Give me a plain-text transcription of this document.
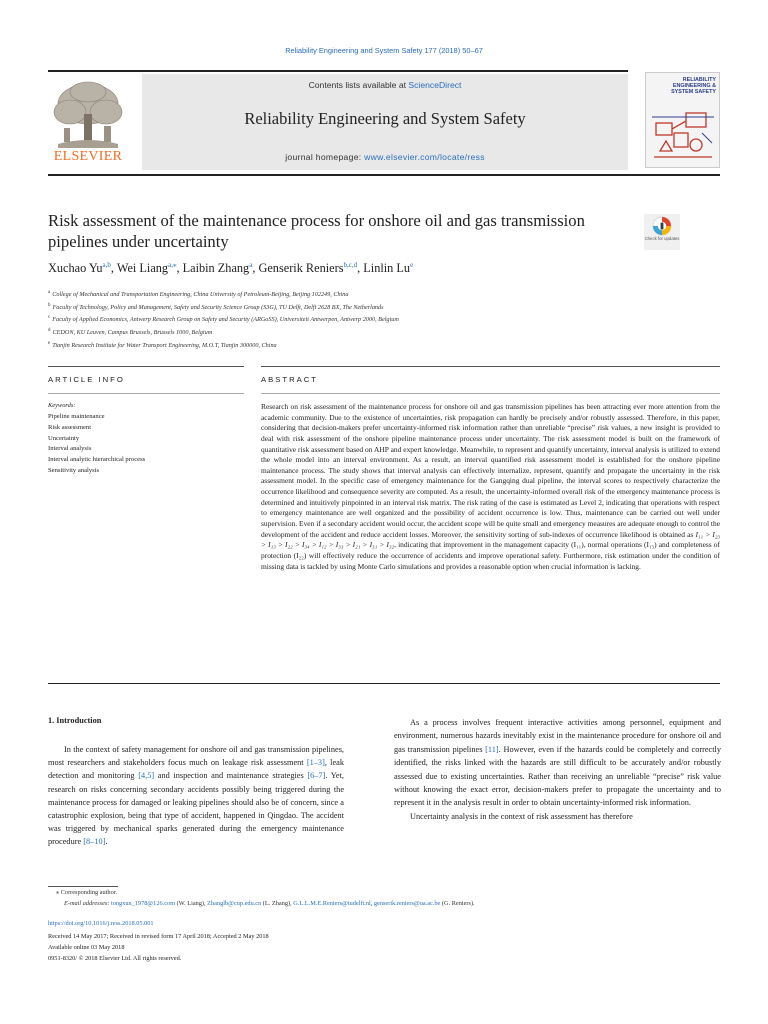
Reliability Engineering and System Safety 177 (2018) 50–67
ELSEVIER
Contents lists available at ScienceDirect
Reliability Engineering and System Safety
journal homepage: www.elsevier.com/locate/ress
RELIABILITY ENGINEERING & SYSTEM SAFETY
Risk assessment of the maintenance process for onshore oil and gas transmission pipelines under uncertainty	Check for updates
Xuchao Yu$^{a,b}$, Wei Liang$^{a,⁎}$, Laibin Zhang$^a$, Genserik Reniers$^{b,c,d}$, Linlin Lu$^e$
$^a$ College of Mechanical and Transportation Engineering, China University of Petroleum-Beijing, Beijing 102249, China
$^b$ Faculty of Technology, Policy and Management, Safety and Security Science Group (S3G), TU Delft, Delft 2628 BX, The Netherlands
$^c$ Faculty of Applied Economics, Antwerp Research Group on Safety and Security (ARGoSS), Universiteit Antwerpen, Antwerp 2000, Belgium
$^d$ CEDON, KU Leuven, Campus Brussels, Brussels 1000, Belgium
$^e$ Tianjin Research Institute for Water Transport Engineering, M.O.T, Tianjin 300000, China
ARTICLE INFO	ABSTRACT
Keywords:
Pipeline maintenance
Risk assessment
Uncertainty
Interval analysis
Interval analytic hierarchical process
Sensitivity analysis
Research on risk assessment of the maintenance process for onshore oil and gas transmission pipelines has been attracting ever more attention from the academic community. Due to the existence of uncertainties, risk propagation can hardly be precisely and/or robustly assessed. Therefore, in this paper, considering that decision-makers prefer uncertainty-informed risk information rather than unreliable “precise” risk values, a new insight is provided to deal with risk assessment of the onshore pipeline maintenance process under uncertainty. The risk assessment model is built on the framework of quantitative risk assessment based on AHP and expert knowledge. Meanwhile, to represent and quantify uncertainty, interval analysis is utilized to extend the whole model into an interval environment. As a result, an interval quantified risk assessment model is established for the onshore pipeline maintenance process. The study shows that interval analysis can effectively internalize, represent, quantify and propagate the uncertainty in the risk assessment model. In the specific case of emergency maintenance for the Gangqing dual pipeline, the interval scores to respectively characterize the occurrence likelihood and consequence severity are computed. As a result, the uncertainty-informed overall risk of the emergency maintenance process is determined and intuitively pinpointed in an interval risk matrix. The risk rating of the case is estimated as Level 2, indicating that operations with respect to emergency maintenance are well organized and the possibility of accident occurrence is low. Thus, maintenance can be carried out well under supervision. Even if a secondary accident would occur, the accident scope will be quite small and emergency measures are adequate enough to control the development of the accident and reduce accident losses. Moreover, the sensitivity sorting of sub-indexes of occurrence likelihood is obtained as I₁₁ > I₂₃ > I₁₃ > I₂₂ > I₃₄ > I₁₂ > I₃₃ > I₂₁ > I₃₁ > I₃₂, indicating that improvement in the management capacity (I₁₁), normal operations (I₁₃) and completeness of protection (I₂₂) will effectively reduce the occurrence of accidents and improve operational safety. Furthermore, risk estimation under the condition of missing data is tackled by using Monte Carlo simulations and provides a reasonable option when crucial information is lacking.
1. Introduction

In the context of safety management for onshore oil and gas transmission pipelines, most researchers and stakeholders focus much on leakage risk assessment [1–3], leak detection and monitoring [4,5] and inspection and maintenance strategies [6–7]. Yet, research on risks concerning secondary accidents possibly being triggered during the maintenance process for damaged or leaking pipelines should also be of concern, since a catastrophic explosion, being that type of accident, happened in Qingdao. The accident was triggered by mechanical sparks generated during the emergency maintenance procedure [8–10].

As a process involves frequent interactive activities among personnel, equipment and environment, numerous hazards inevitably exist in the maintenance procedure for onshore oil and gas transmission pipelines [11]. However, even if the hazards could be completely and correctly identified, the risks linked with the hazards are still difficult to be accurately and/or robustly assessed due to existing uncertainties. Rather than receiving an unreliable “precise” risk value without knowing the exact error, decision-makers prefer to propagate the uncertainty and to represent it in the analysis result in order to obtain uncertainty-informed risk information.

Uncertainty analysis in the context of risk assessment has therefore

⁎ Corresponding author.
E-mail addresses: tongxun_1978@126.com (W. Liang), Zhanglb@cup.edu.cn (L. Zhang), G.L.L.M.E.Reniers@tudelft.nl, genserik.reniers@ua.ac.be (G. Reniers).
https://doi.org/10.1016/j.ress.2018.05.001
Received 14 May 2017; Received in revised form 17 April 2018; Accepted 2 May 2018
Available online 03 May 2018
0951-8320/ © 2018 Elsevier Ltd. All rights reserved.
